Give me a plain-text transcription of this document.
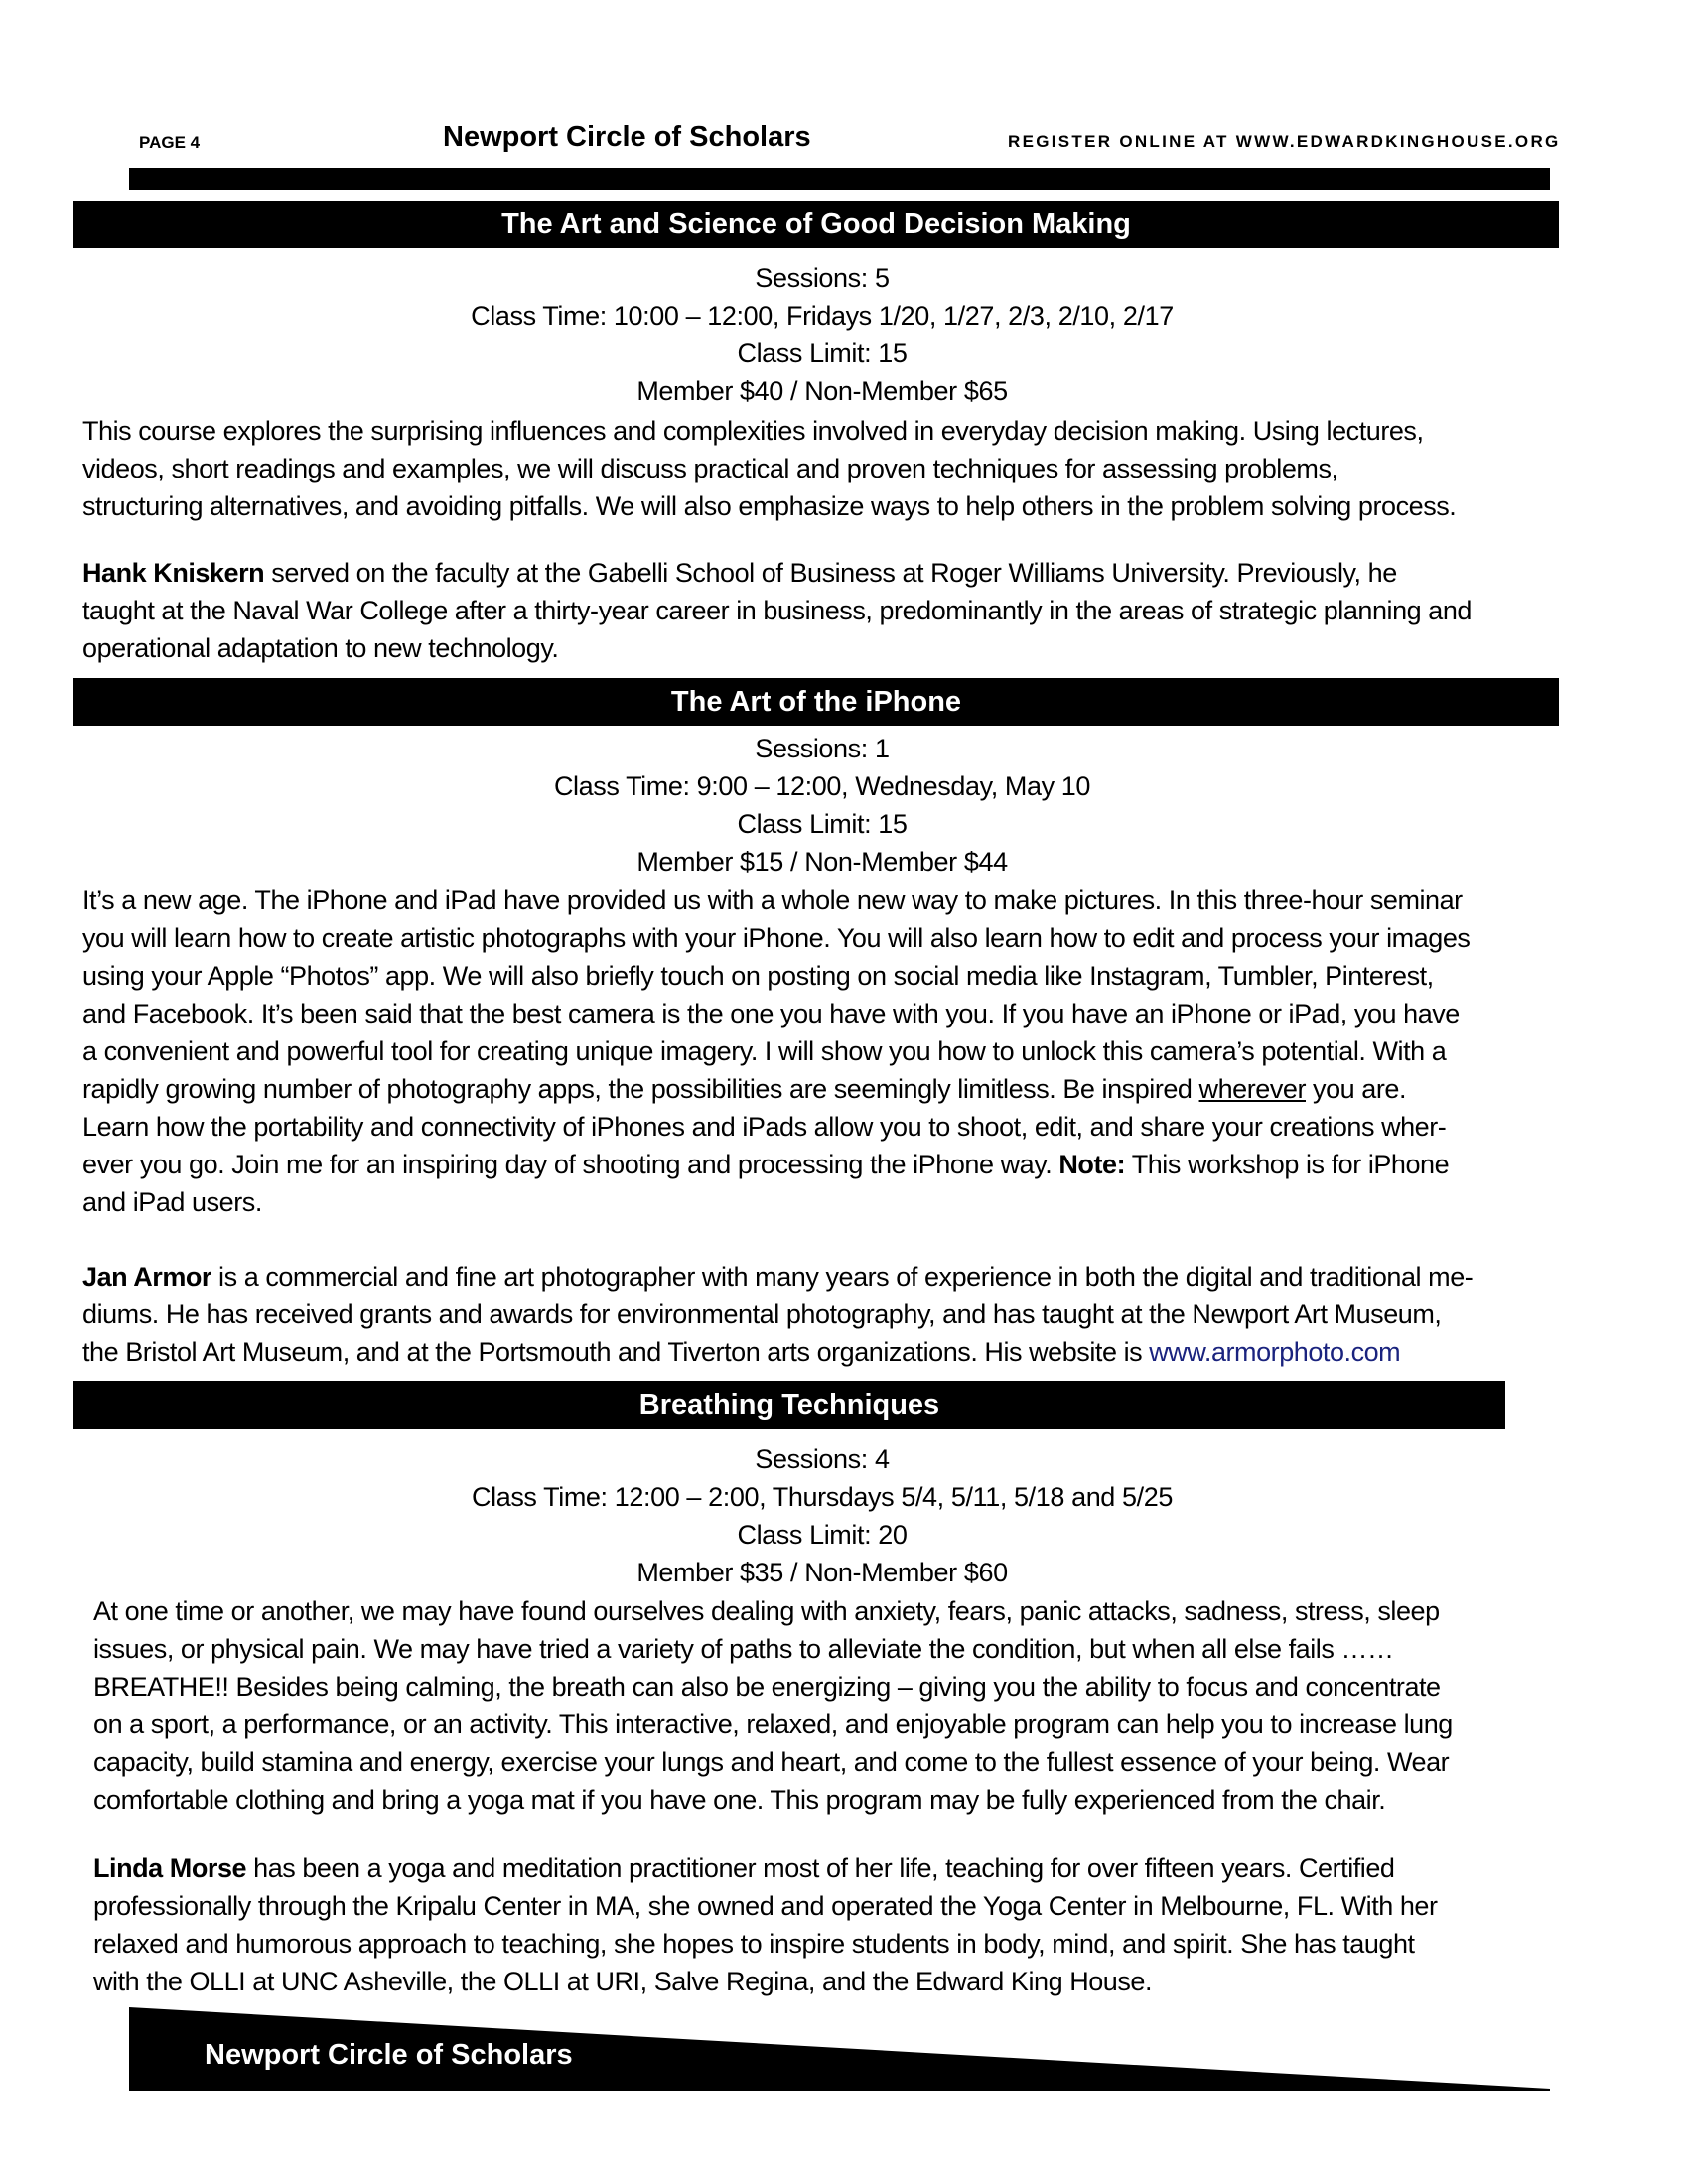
PAGE 4	Newport Circle of Scholars	REGISTER ONLINE AT WWW.EDWARDKINGHOUSE.ORG
The Art and Science of Good Decision Making
Sessions: 5
Class Time: 10:00 – 12:00, Fridays 1/20, 1/27, 2/3, 2/10, 2/17
Class Limit: 15
Member $40 / Non-Member $65
This course explores the surprising influences and complexities involved in everyday decision making. Using lectures,
videos, short readings and examples, we will discuss practical and proven techniques for assessing problems,
structuring alternatives, and avoiding pitfalls. We will also emphasize ways to help others in the problem solving process.
Hank Kniskern served on the faculty at the Gabelli School of Business at Roger Williams University. Previously, he
taught at the Naval War College after a thirty-year career in business, predominantly in the areas of strategic planning and
operational adaptation to new technology.
The Art of the iPhone
Sessions: 1
Class Time: 9:00 – 12:00, Wednesday, May 10
Class Limit: 15
Member $15 / Non-Member $44
It’s a new age. The iPhone and iPad have provided us with a whole new way to make pictures. In this three-hour seminar
you will learn how to create artistic photographs with your iPhone. You will also learn how to edit and process your images
using your Apple “Photos” app. We will also briefly touch on posting on social media like Instagram, Tumbler, Pinterest,
and Facebook. It’s been said that the best camera is the one you have with you. If you have an iPhone or iPad, you have
a convenient and powerful tool for creating unique imagery. I will show you how to unlock this camera’s potential. With a
rapidly growing number of photography apps, the possibilities are seemingly limitless. Be inspired wherever you are.
Learn how the portability and connectivity of iPhones and iPads allow you to shoot, edit, and share your creations wher-
ever you go. Join me for an inspiring day of shooting and processing the iPhone way. Note: This workshop is for iPhone
and iPad users.
Jan Armor is a commercial and fine art photographer with many years of experience in both the digital and traditional me-
diums. He has received grants and awards for environmental photography, and has taught at the Newport Art Museum,
the Bristol Art Museum, and at the Portsmouth and Tiverton arts organizations. His website is www.armorphoto.com
Breathing Techniques
Sessions: 4
Class Time: 12:00 – 2:00, Thursdays 5/4, 5/11, 5/18 and 5/25
Class Limit: 20
Member $35 / Non-Member $60
At one time or another, we may have found ourselves dealing with anxiety, fears, panic attacks, sadness, stress, sleep
issues, or physical pain. We may have tried a variety of paths to alleviate the condition, but when all else fails ……
BREATHE!! Besides being calming, the breath can also be energizing – giving you the ability to focus and concentrate
on a sport, a performance, or an activity. This interactive, relaxed, and enjoyable program can help you to increase lung
capacity, build stamina and energy, exercise your lungs and heart, and come to the fullest essence of your being. Wear
comfortable clothing and bring a yoga mat if you have one. This program may be fully experienced from the chair.
Linda Morse has been a yoga and meditation practitioner most of her life, teaching for over fifteen years. Certified
professionally through the Kripalu Center in MA, she owned and operated the Yoga Center in Melbourne, FL. With her
relaxed and humorous approach to teaching, she hopes to inspire students in body, mind, and spirit. She has taught
with the OLLI at UNC Asheville, the OLLI at URI, Salve Regina, and the Edward King House.
Newport Circle of Scholars
